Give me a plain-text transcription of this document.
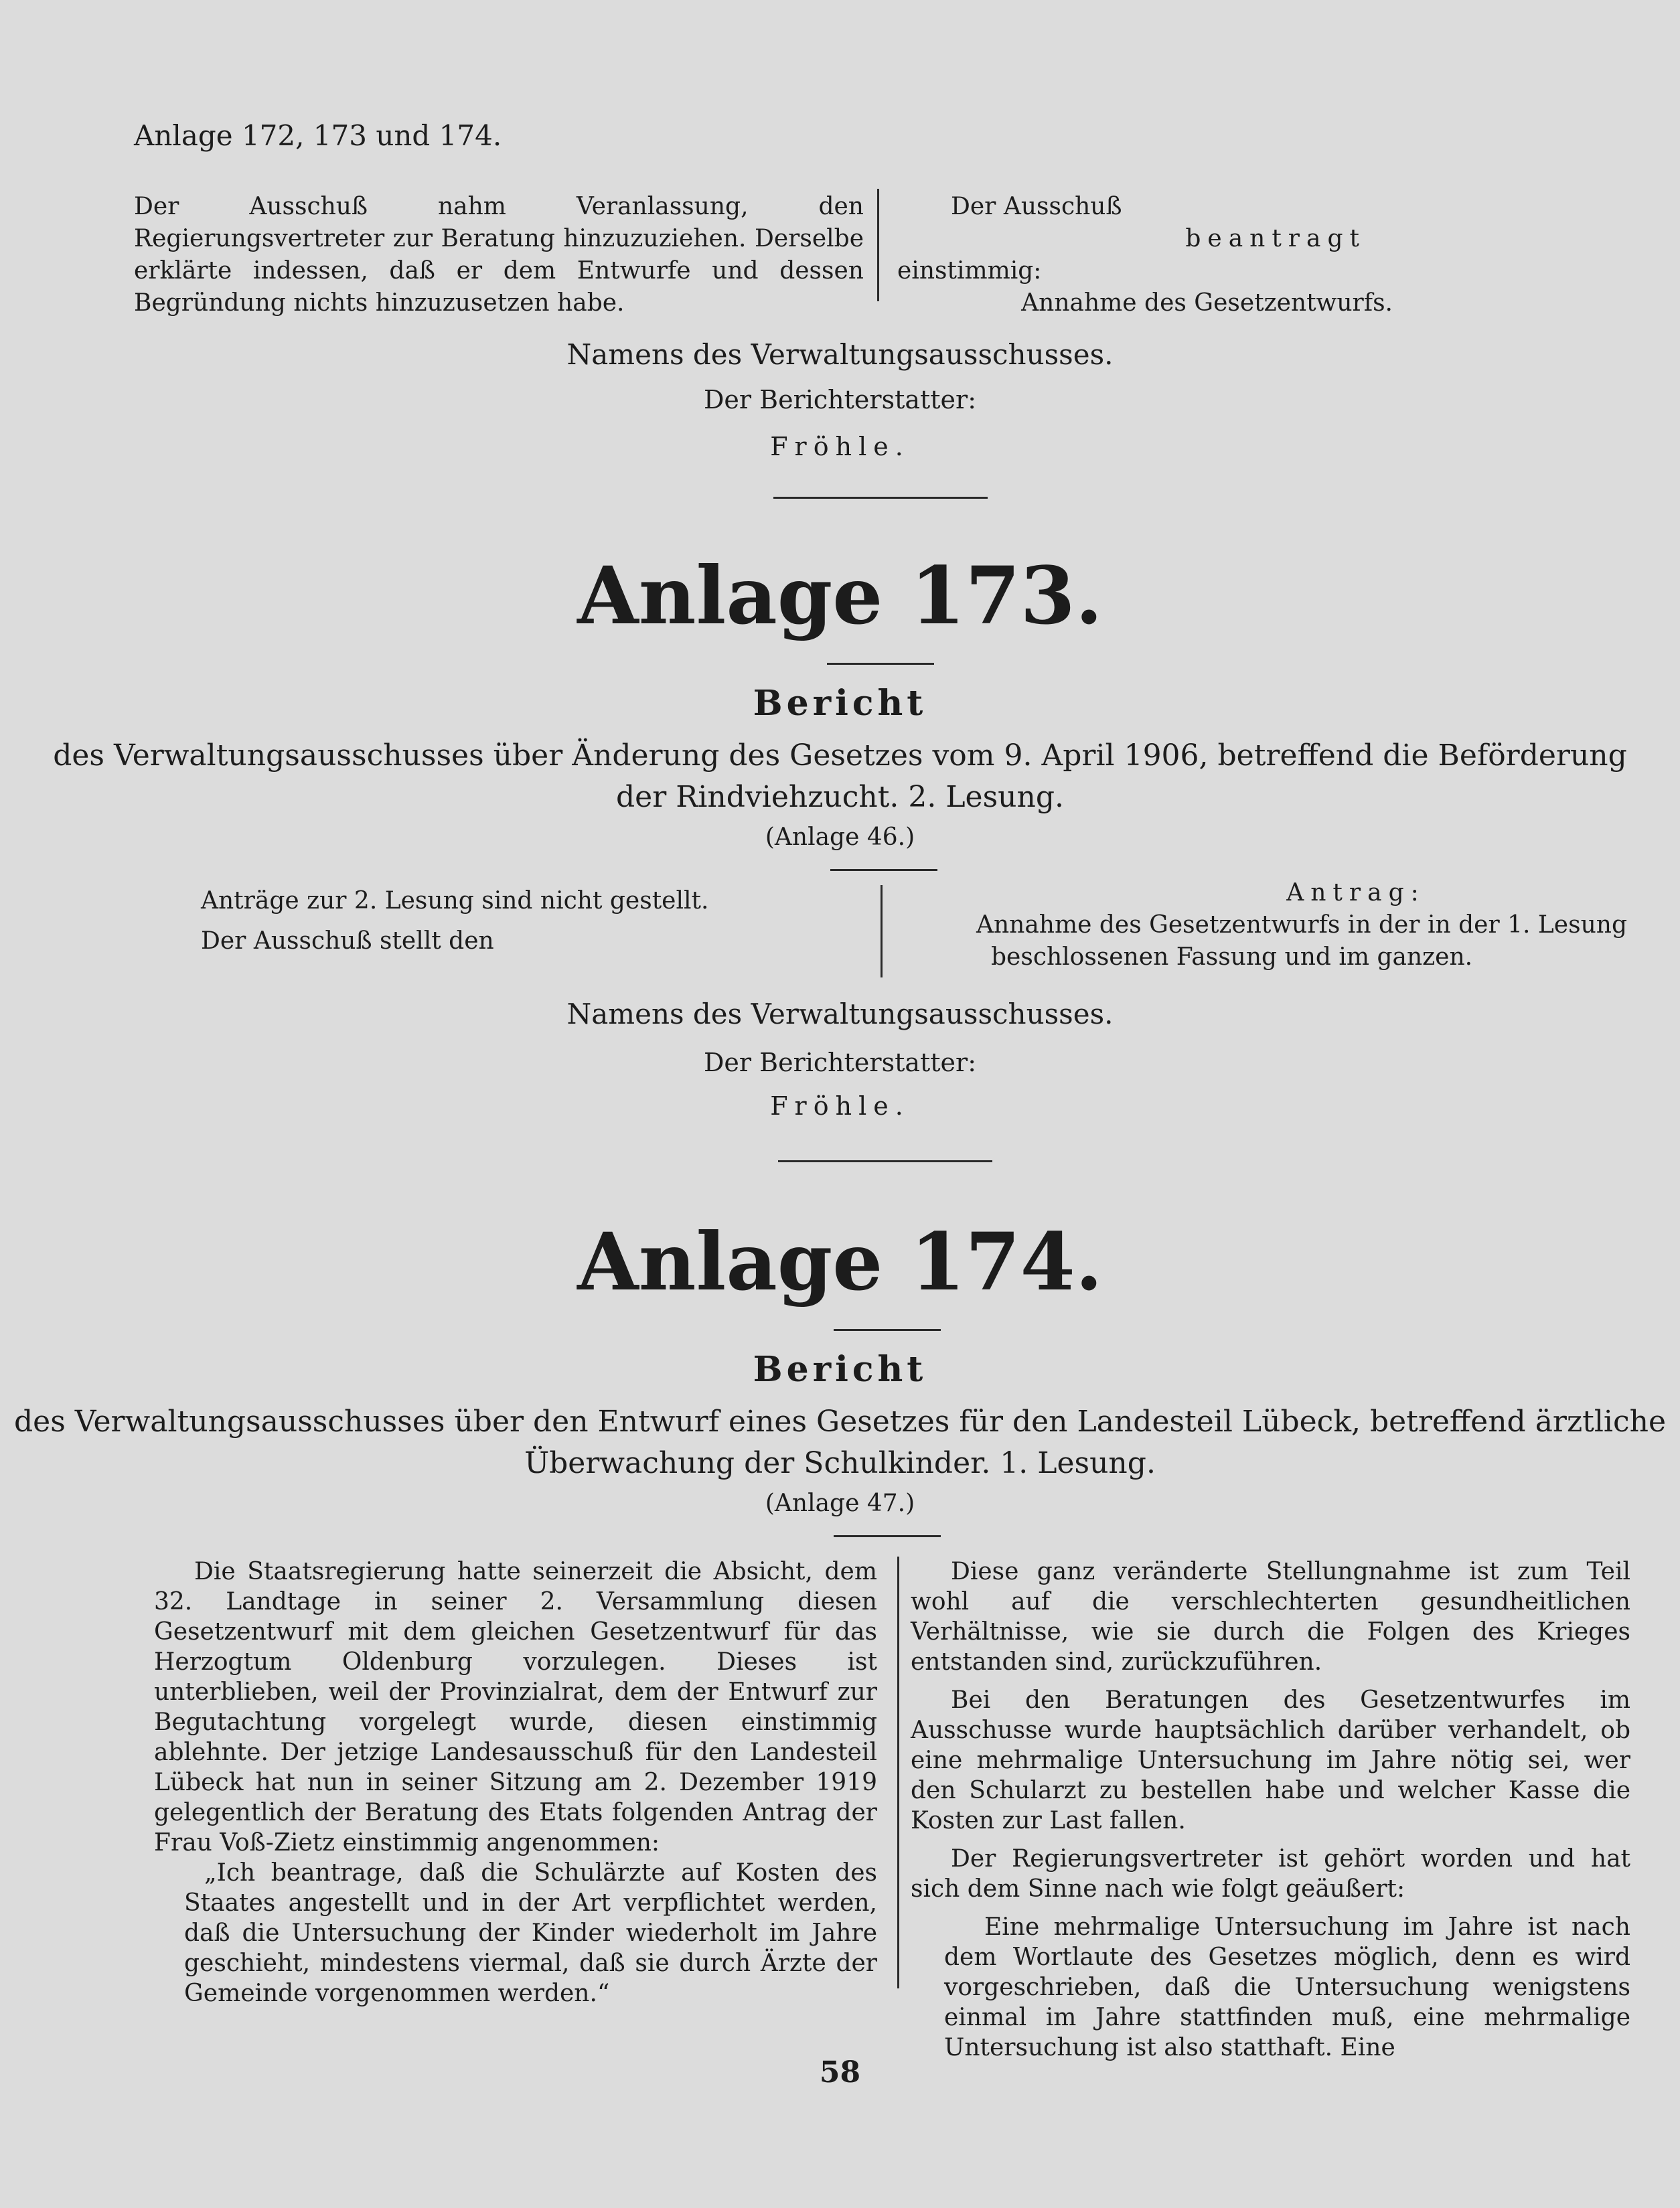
Anlage 172, 173 und 174.
Der Ausschuß nahm Veranlassung, den Regierungsvertreter zur Beratung hinzuzuziehen. Derselbe erklärte indessen, daß er dem Entwurfe und dessen Begründung nichts hinzuzusetzen habe.
Der Ausschuß
beantragt
einstimmig:
Annahme des Gesetzentwurfs.
Namens des Verwaltungsausschusses.
Der Berichterstatter:
Fröhle.
Anlage 173.
Bericht
des Verwaltungsausschusses über Änderung des Gesetzes vom 9. April 1906, betreffend die Beförderung
der Rindviehzucht. 2. Lesung.
(Anlage 46.)
Anträge zur 2. Lesung sind nicht gestellt.
Der Ausschuß stellt den
Antrag:
Annahme des Gesetzentwurfs in der in der 1. Lesung
beschlossenen Fassung und im ganzen.
Namens des Verwaltungsausschusses.
Der Berichterstatter:
Fröhle.
Anlage 174.
Bericht
des Verwaltungsausschusses über den Entwurf eines Gesetzes für den Landesteil Lübeck, betreffend ärztliche
Überwachung der Schulkinder. 1. Lesung.
(Anlage 47.)
Die Staatsregierung hatte seinerzeit die Absicht, dem 32. Landtage in seiner 2. Versammlung diesen Gesetzentwurf mit dem gleichen Gesetzentwurf für das Herzogtum Oldenburg vorzulegen. Dieses ist unterblieben, weil der Provinzialrat, dem der Entwurf zur Begutachtung vorgelegt wurde, diesen einstimmig ablehnte. Der jetzige Landesausschuß für den Landesteil Lübeck hat nun in seiner Sitzung am 2. Dezember 1919 gelegentlich der Beratung des Etats folgenden Antrag der Frau Voß-Zietz einstimmig angenommen:
„Ich beantrage, daß die Schulärzte auf Kosten des Staates angestellt und in der Art verpflichtet werden, daß die Untersuchung der Kinder wiederholt im Jahre geschieht, mindestens viermal, daß sie durch Ärzte der Gemeinde vorgenommen werden.“
Diese ganz veränderte Stellungnahme ist zum Teil wohl auf die verschlechterten gesundheitlichen Verhältnisse, wie sie durch die Folgen des Krieges entstanden sind, zurückzuführen.
Bei den Beratungen des Gesetzentwurfes im Ausschusse wurde hauptsächlich darüber verhandelt, ob eine mehrmalige Untersuchung im Jahre nötig sei, wer den Schularzt zu bestellen habe und welcher Kasse die Kosten zur Last fallen.
Der Regierungsvertreter ist gehört worden und hat sich dem Sinne nach wie folgt geäußert:
Eine mehrmalige Untersuchung im Jahre ist nach dem Wortlaute des Gesetzes möglich, denn es wird vorgeschrieben, daß die Untersuchung wenigstens einmal im Jahre stattfinden muß, eine mehrmalige Untersuchung ist also statthaft. Eine
58
